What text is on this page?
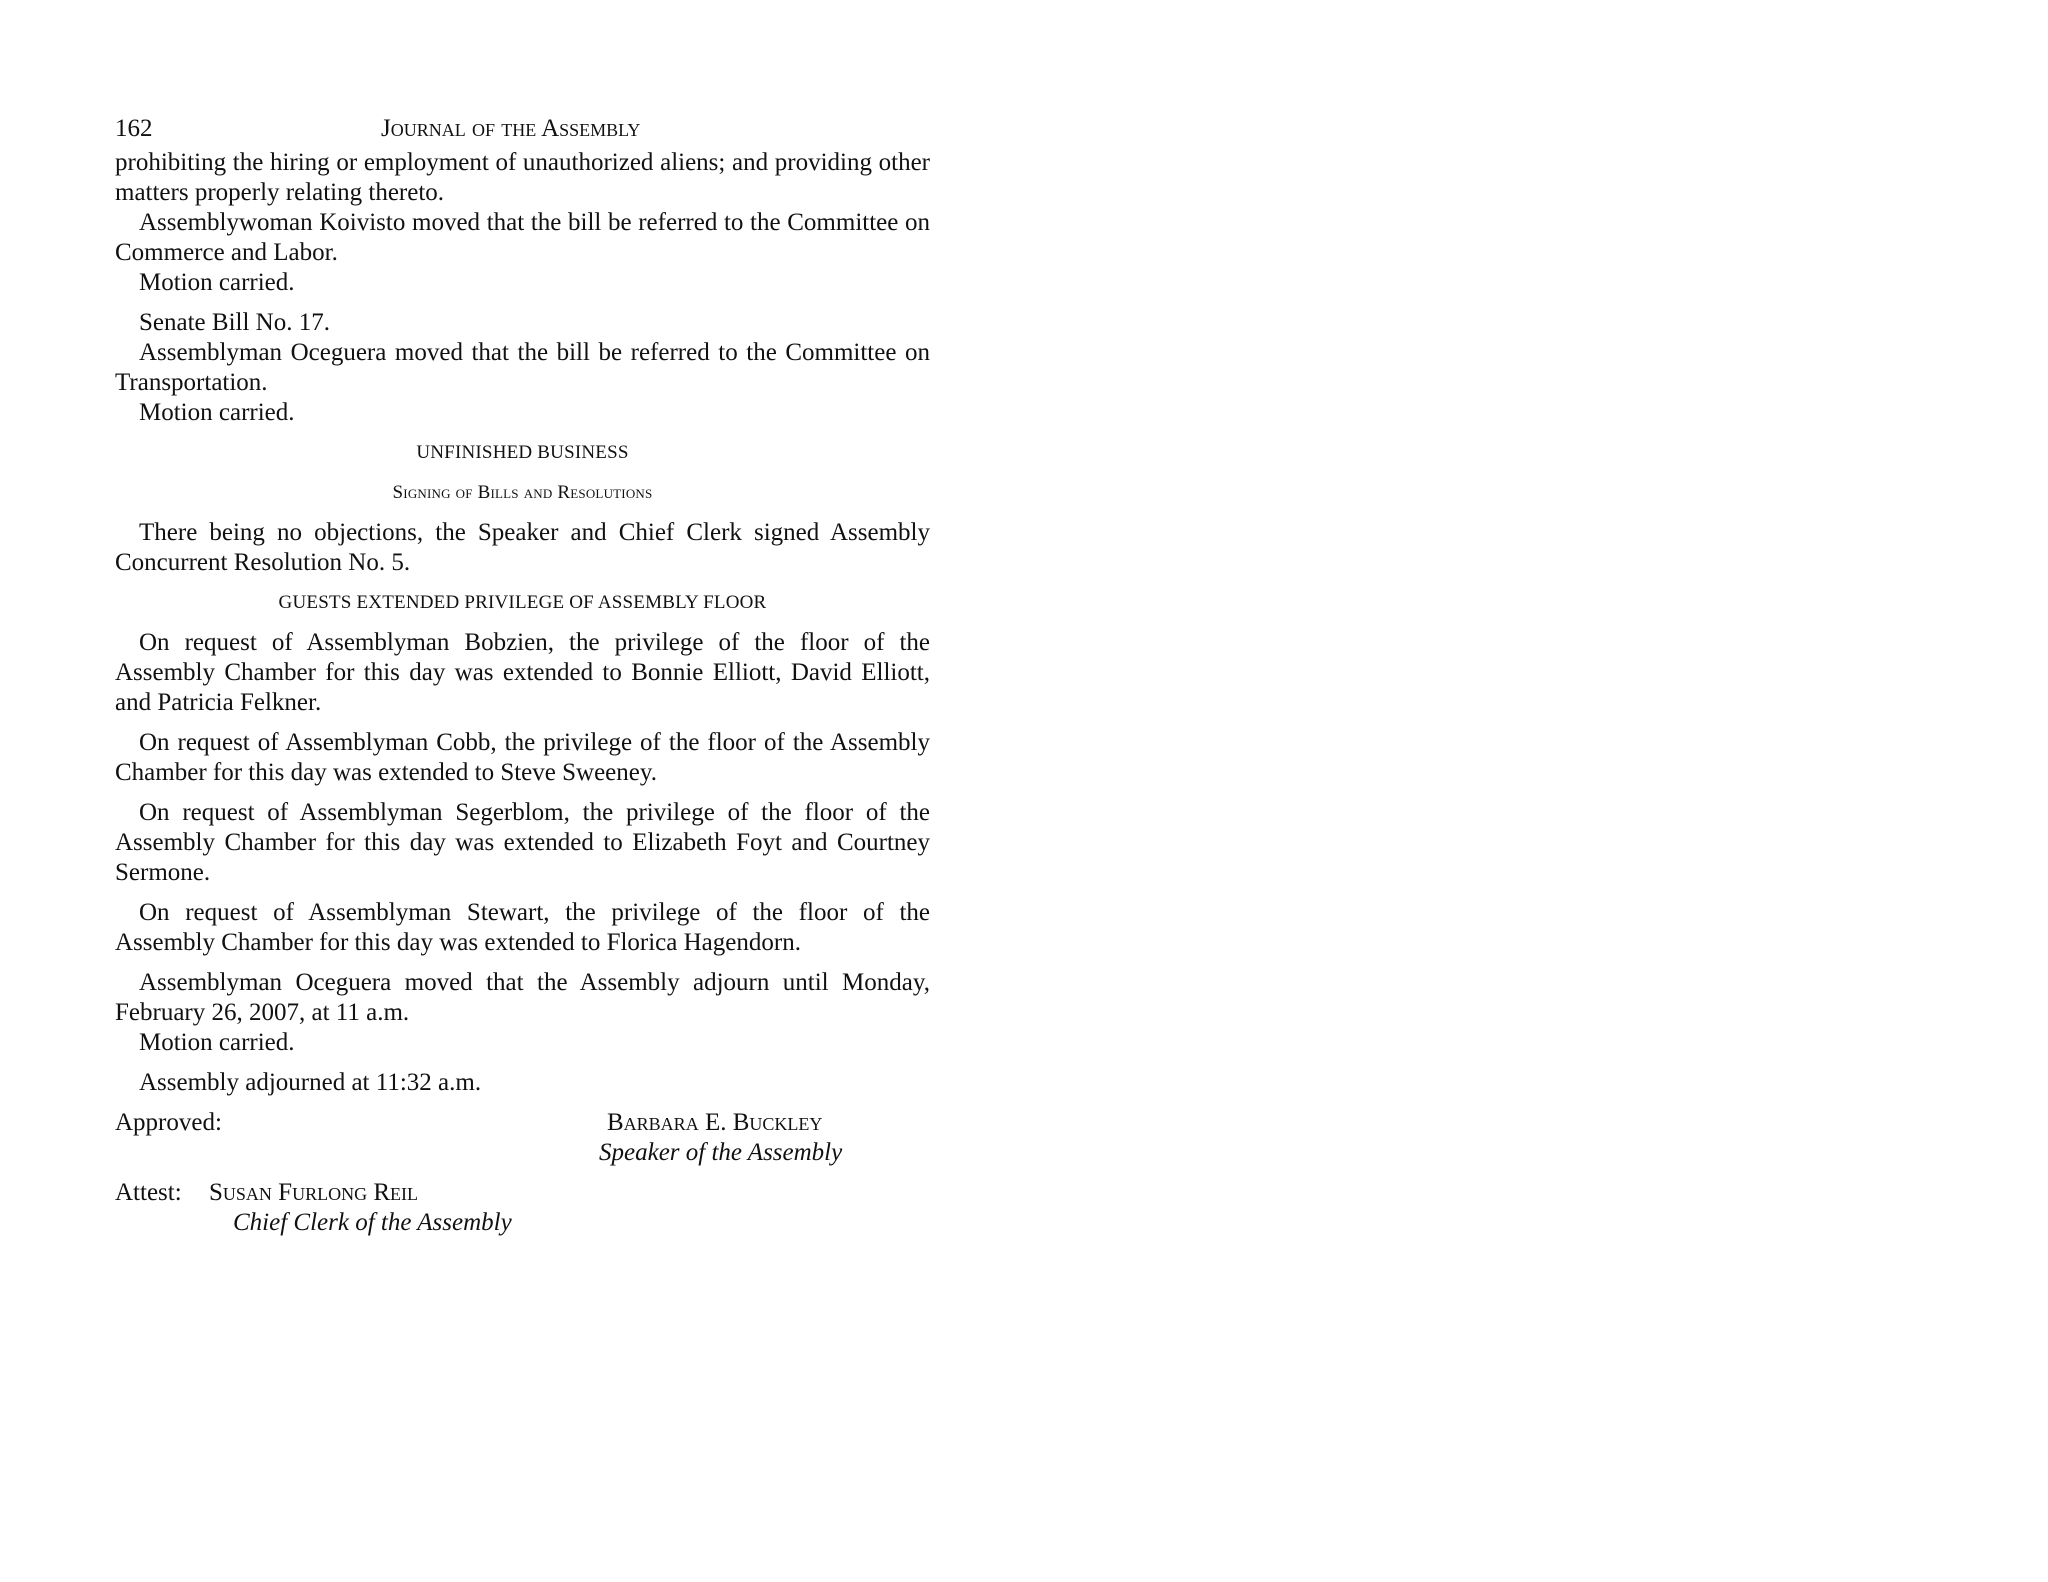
162	Journal of the Assembly

prohibiting the hiring or employment of unauthorized aliens; and providing other matters properly relating thereto.

Assemblywoman Koivisto moved that the bill be referred to the Committee on Commerce and Labor.

Motion carried.

Senate Bill No. 17.

Assemblyman Oceguera moved that the bill be referred to the Committee on Transportation.

Motion carried.

UNFINISHED BUSINESS

Signing of Bills and Resolutions

There being no objections, the Speaker and Chief Clerk signed Assembly Concurrent Resolution No. 5.

GUESTS EXTENDED PRIVILEGE OF ASSEMBLY FLOOR

On request of Assemblyman Bobzien, the privilege of the floor of the Assembly Chamber for this day was extended to Bonnie Elliott, David Elliott, and Patricia Felkner.

On request of Assemblyman Cobb, the privilege of the floor of the Assembly Chamber for this day was extended to Steve Sweeney.

On request of Assemblyman Segerblom, the privilege of the floor of the Assembly Chamber for this day was extended to Elizabeth Foyt and Courtney Sermone.

On request of Assemblyman Stewart, the privilege of the floor of the Assembly Chamber for this day was extended to Florica Hagendorn.

Assemblyman Oceguera moved that the Assembly adjourn until Monday, February 26, 2007, at 11 a.m.

Motion carried.

Assembly adjourned at 11:32 a.m.

Approved:	Barbara E. Buckley
Speaker of the Assembly
Attest: Susan Furlong Reil
Chief Clerk of the Assembly
